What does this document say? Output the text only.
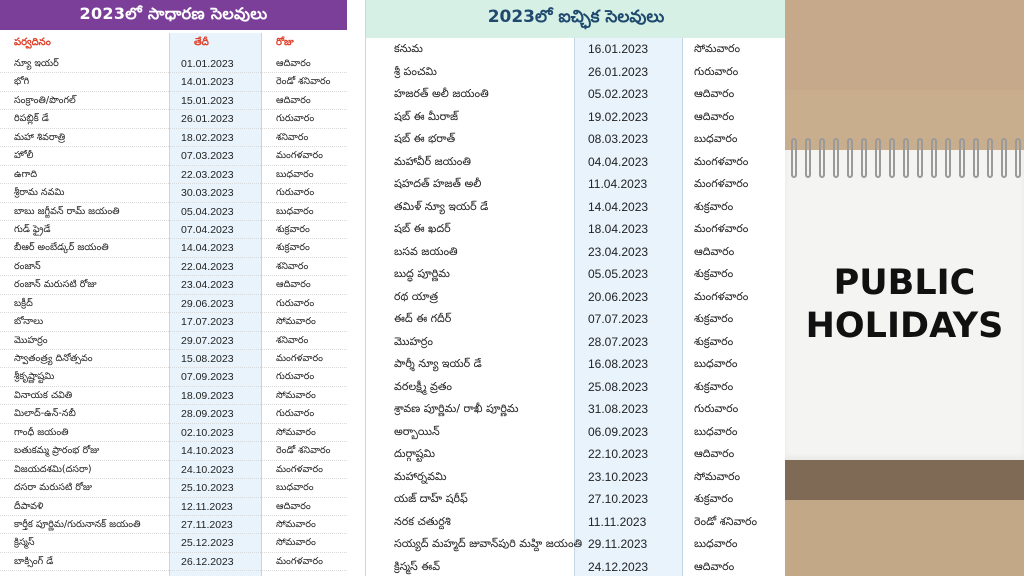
2023లో సాధారణ సెలవులు
పర్వదినం	తేదీ	రోజు
న్యూ ఇయర్	01.01.2023	ఆదివారం
భోగి	14.01.2023	రెండో శనివారం
సంక్రాంతి/పొంగల్	15.01.2023	ఆదివారం
రిపబ్లిక్ డే	26.01.2023	గురువారం
మహా శివరాత్రి	18.02.2023	శనివారం
హోలీ	07.03.2023	మంగళవారం
ఉగాది	22.03.2023	బుధవారం
శ్రీరామ నవమి	30.03.2023	గురువారం
బాబు జగ్జీవన్ రామ్ జయంతి	05.04.2023	బుధవారం
గుడ్ ఫ్రైడే	07.04.2023	శుక్రవారం
బీఆర్ అంబేడ్కర్ జయంతి	14.04.2023	శుక్రవారం
రంజాన్	22.04.2023	శనివారం
రంజాన్ మరుసటి రోజు	23.04.2023	ఆదివారం
బక్రీద్	29.06.2023	గురువారం
బోనాలు	17.07.2023	సోమవారం
మొహర్రం	29.07.2023	శనివారం
స్వాతంత్ర్య దినోత్సవం	15.08.2023	మంగళవారం
శ్రీకృష్ణాష్టమి	07.09.2023	గురువారం
వినాయక చవితి	18.09.2023	సోమవారం
మిలాద్-ఉన్-నబీ	28.09.2023	గురువారం
గాంధీ జయంతి	02.10.2023	సోమవారం
బతుకమ్మ ప్రారంభ రోజు	14.10.2023	రెండో శనివారం
విజయదశమి(దసరా)	24.10.2023	మంగళవారం
దసరా మరుసటి రోజు	25.10.2023	బుధవారం
దీపావళి	12.11.2023	ఆదివారం
కార్తీక పూర్ణిమ/గురునానక్ జయంతి	27.11.2023	సోమవారం
క్రిస్మస్	25.12.2023	సోమవారం
బాక్సింగ్ డే	26.12.2023	మంగళవారం
2023లో ఐచ్ఛిక సెలవులు
కనుమ	16.01.2023	సోమవారం
శ్రీ పంచమి	26.01.2023	గురువారం
హజరత్ అలీ జయంతి	05.02.2023	ఆదివారం
షబ్ ఈ మీరాజ్	19.02.2023	ఆదివారం
షబ్ ఈ భరాత్	08.03.2023	బుధవారం
మహావీర్ జయంతి	04.04.2023	మంగళవారం
షహదత్ హజత్ అలీ	11.04.2023	మంగళవారం
తమిళ్ న్యూ ఇయర్ డే	14.04.2023	శుక్రవారం
షబ్ ఈ ఖదర్	18.04.2023	మంగళవారం
బసవ జయంతి	23.04.2023	ఆదివారం
బుద్ధ పూర్ణిమ	05.05.2023	శుక్రవారం
రథ యాత్ర	20.06.2023	మంగళవారం
ఈద్ ఈ గదీర్	07.07.2023	శుక్రవారం
మొహర్రం	28.07.2023	శుక్రవారం
పార్శీ న్యూ ఇయర్ డే	16.08.2023	బుధవారం
వరలక్ష్మీ వ్రతం	25.08.2023	శుక్రవారం
శ్రావణ పూర్ణిమ/ రాఖీ పూర్ణిమ	31.08.2023	గురువారం
అర్బాయిన్	06.09.2023	బుధవారం
దుర్గాష్టమి	22.10.2023	ఆదివారం
మహార్నవమి	23.10.2023	సోమవారం
యజ్ దాహ్ షరీఫ్	27.10.2023	శుక్రవారం
నరక చతుర్దశి	11.11.2023	రెండో శనివారం
సయ్యద్ మహ్మద్ జువాన్‌పురి మహ్ది జయంతి 29.11.2023	బుధవారం
క్రిస్మస్ ఈవ్	24.12.2023	ఆదివారం
PUBLIC
HOLIDAYS
